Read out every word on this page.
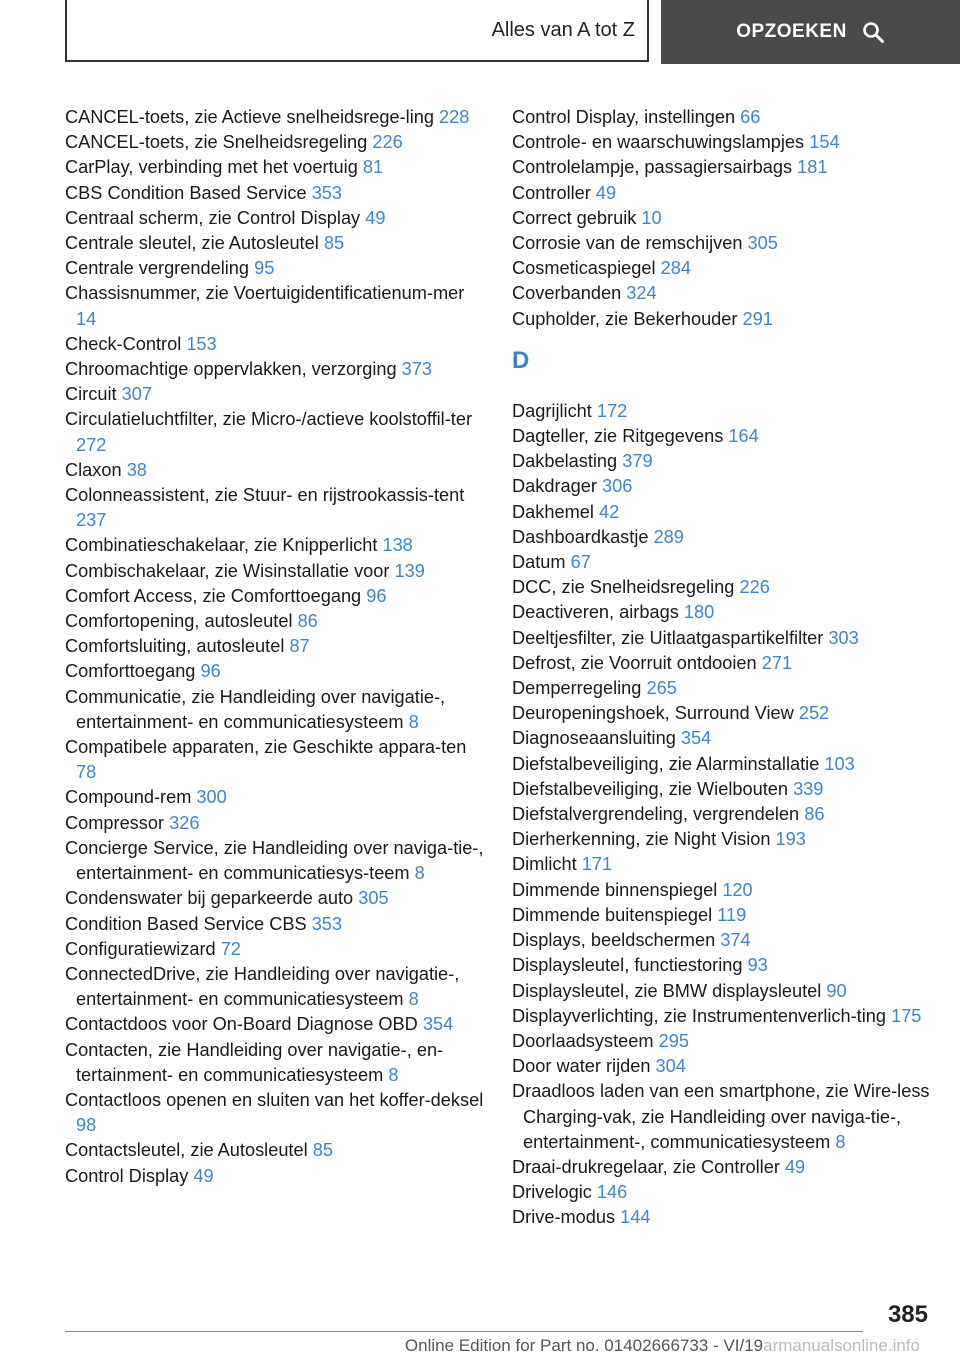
Alles van A tot Z	OPZOEKEN
CANCEL-toets, zie Actieve snelheidsrege-ling 228
CANCEL-toets, zie Snelheidsregeling 226
CarPlay, verbinding met het voertuig 81
CBS Condition Based Service 353
Centraal scherm, zie Control Display 49
Centrale sleutel, zie Autosleutel 85
Centrale vergrendeling 95
Chassisnummer, zie Voertuigidentificatienum-mer 14
Check-Control 153
Chroomachtige oppervlakken, verzorging 373
Circuit 307
Circulatieluchtfilter, zie Micro-/actieve koolstoffil-ter 272
Claxon 38
Colonneassistent, zie Stuur- en rijstrookassis-tent 237
Combinatieschakelaar, zie Knipperlicht 138
Combischakelaar, zie Wisinstallatie voor 139
Comfort Access, zie Comforttoegang 96
Comfortopening, autosleutel 86
Comfortsluiting, autosleutel 87
Comforttoegang 96
Communicatie, zie Handleiding over navigatie-, entertainment- en communicatiesysteem 8
Compatibele apparaten, zie Geschikte appara-ten 78
Compound-rem 300
Compressor 326
Concierge Service, zie Handleiding over naviga-tie-, entertainment- en communicatiesys-teem 8
Condenswater bij geparkeerde auto 305
Condition Based Service CBS 353
Configuratiewizard 72
ConnectedDrive, zie Handleiding over navigatie-, entertainment- en communicatiesysteem 8
Contactdoos voor On-Board Diagnose OBD 354
Contacten, zie Handleiding over navigatie-, en-tertainment- en communicatiesysteem 8
Contactloos openen en sluiten van het koffer-deksel 98
Contactsleutel, zie Autosleutel 85
Control Display 49
Control Display, instellingen 66
Controle- en waarschuwingslampjes 154
Controlelampje, passagiersairbags 181
Controller 49
Correct gebruik 10
Corrosie van de remschijven 305
Cosmeticaspiegel 284
Coverbanden 324
Cupholder, zie Bekerhouder 291
D
Dagrijlicht 172
Dagteller, zie Ritgegevens 164
Dakbelasting 379
Dakdrager 306
Dakhemel 42
Dashboardkastje 289
Datum 67
DCC, zie Snelheidsregeling 226
Deactiveren, airbags 180
Deeltjesfilter, zie Uitlaatgaspartikelfilter 303
Defrost, zie Voorruit ontdooien 271
Demperregeling 265
Deuropeningshoek, Surround View 252
Diagnoseaansluiting 354
Diefstalbeveiliging, zie Alarminstallatie 103
Diefstalbeveiliging, zie Wielbouten 339
Diefstalvergrendeling, vergrendelen 86
Dierherkenning, zie Night Vision 193
Dimlicht 171
Dimmende binnenspiegel 120
Dimmende buitenspiegel 119
Displays, beeldschermen 374
Displaysleutel, functiestoring 93
Displaysleutel, zie BMW displaysleutel 90
Displayverlichting, zie Instrumentenverlich-ting 175
Doorlaadsysteem 295
Door water rijden 304
Draadloos laden van een smartphone, zie Wire-less Charging-vak, zie Handleiding over naviga-tie-, entertainment-, communicatiesysteem 8
Draai-drukregelaar, zie Controller 49
Drivelogic 146
Drive-modus 144
385
Online Edition for Part no. 01402666733 - VI/19armanualsonline.info
